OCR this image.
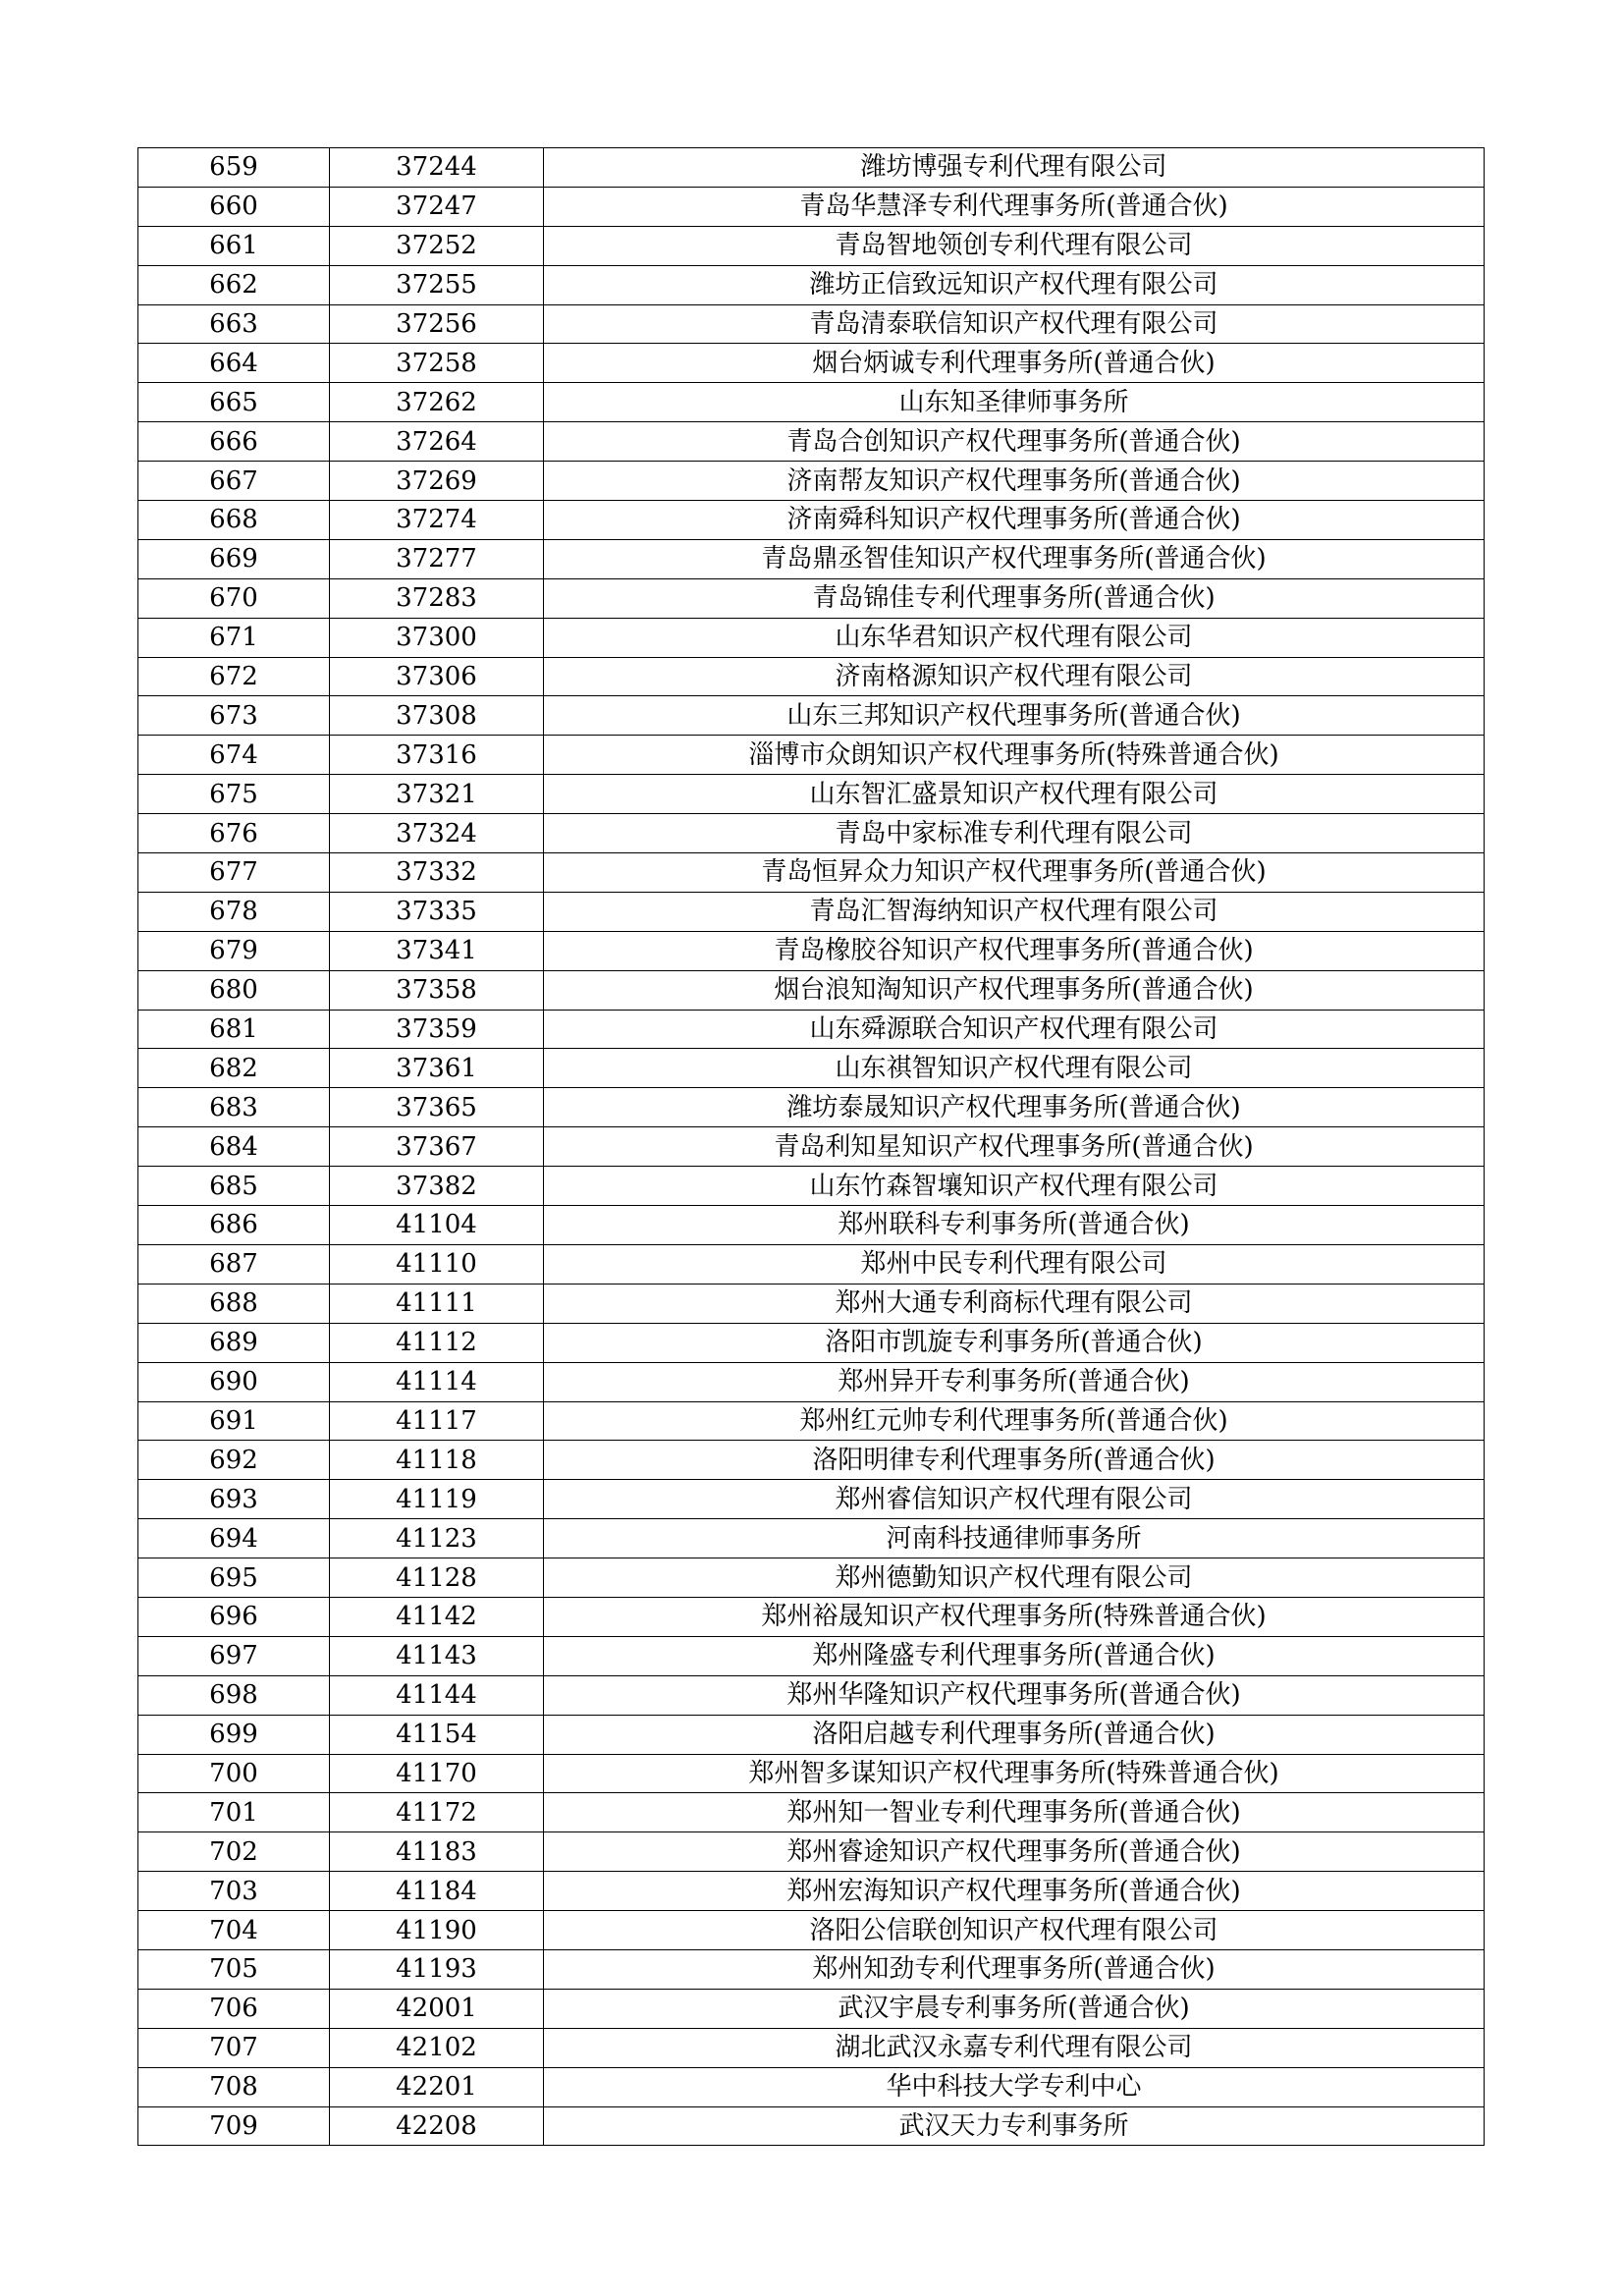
659	37244	潍坊博强专利代理有限公司
660	37247	青岛华慧泽专利代理事务所(普通合伙)
661	37252	青岛智地领创专利代理有限公司
662	37255	潍坊正信致远知识产权代理有限公司
663	37256	青岛清泰联信知识产权代理有限公司
664	37258	烟台炳诚专利代理事务所(普通合伙)
665	37262	山东知圣律师事务所
666	37264	青岛合创知识产权代理事务所(普通合伙)
667	37269	济南帮友知识产权代理事务所(普通合伙)
668	37274	济南舜科知识产权代理事务所(普通合伙)
669	37277	青岛鼎丞智佳知识产权代理事务所(普通合伙)
670	37283	青岛锦佳专利代理事务所(普通合伙)
671	37300	山东华君知识产权代理有限公司
672	37306	济南格源知识产权代理有限公司
673	37308	山东三邦知识产权代理事务所(普通合伙)
674	37316	淄博市众朗知识产权代理事务所(特殊普通合伙)
675	37321	山东智汇盛景知识产权代理有限公司
676	37324	青岛中家标准专利代理有限公司
677	37332	青岛恒昇众力知识产权代理事务所(普通合伙)
678	37335	青岛汇智海纳知识产权代理有限公司
679	37341	青岛橡胶谷知识产权代理事务所(普通合伙)
680	37358	烟台浪知淘知识产权代理事务所(普通合伙)
681	37359	山东舜源联合知识产权代理有限公司
682	37361	山东祺智知识产权代理有限公司
683	37365	潍坊泰晟知识产权代理事务所(普通合伙)
684	37367	青岛利知星知识产权代理事务所(普通合伙)
685	37382	山东竹森智壤知识产权代理有限公司
686	41104	郑州联科专利事务所(普通合伙)
687	41110	郑州中民专利代理有限公司
688	41111	郑州大通专利商标代理有限公司
689	41112	洛阳市凯旋专利事务所(普通合伙)
690	41114	郑州异开专利事务所(普通合伙)
691	41117	郑州红元帅专利代理事务所(普通合伙)
692	41118	洛阳明律专利代理事务所(普通合伙)
693	41119	郑州睿信知识产权代理有限公司
694	41123	河南科技通律师事务所
695	41128	郑州德勤知识产权代理有限公司
696	41142	郑州裕晟知识产权代理事务所(特殊普通合伙)
697	41143	郑州隆盛专利代理事务所(普通合伙)
698	41144	郑州华隆知识产权代理事务所(普通合伙)
699	41154	洛阳启越专利代理事务所(普通合伙)
700	41170	郑州智多谋知识产权代理事务所(特殊普通合伙)
701	41172	郑州知一智业专利代理事务所(普通合伙)
702	41183	郑州睿途知识产权代理事务所(普通合伙)
703	41184	郑州宏海知识产权代理事务所(普通合伙)
704	41190	洛阳公信联创知识产权代理有限公司
705	41193	郑州知劲专利代理事务所(普通合伙)
706	42001	武汉宇晨专利事务所(普通合伙)
707	42102	湖北武汉永嘉专利代理有限公司
708	42201	华中科技大学专利中心
709	42208	武汉天力专利事务所
